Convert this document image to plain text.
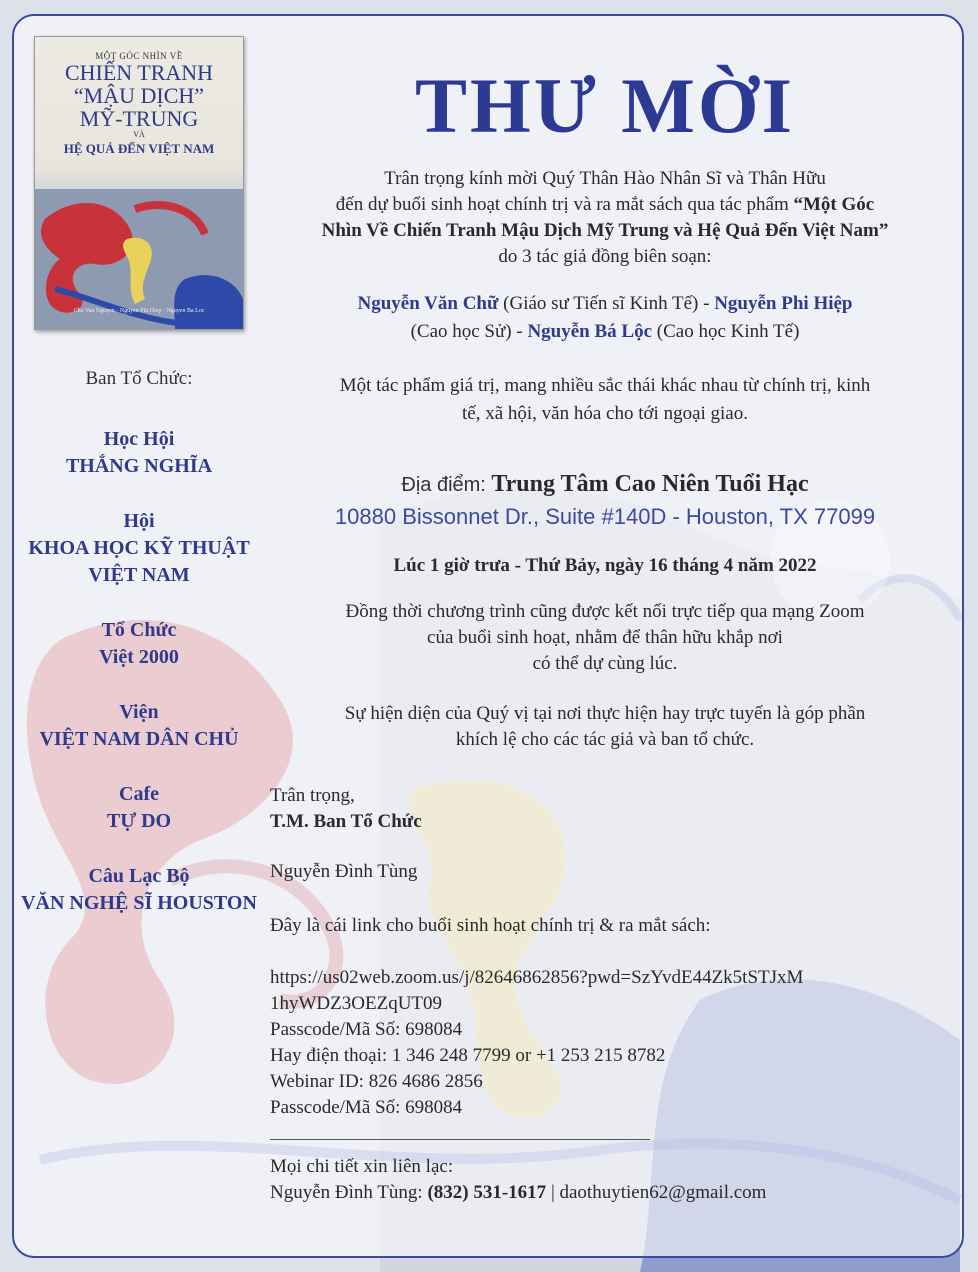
MỘT GÓC NHÌN VỀ
CHIẾN TRANH
“MẬU DỊCH”
MỸ-TRUNG
VÀ
HỆ QUẢ ĐẾN VIỆT NAM
Chu Van Nguyen · Nguyen Phi Hiep · Nguyen Ba Loc
Ban Tổ Chức:
Học Hội
THẮNG NGHĨA
Hội
KHOA HỌC KỸ THUẬT
VIỆT NAM
Tổ Chức
Việt 2000
Viện
VIỆT NAM DÂN CHỦ
Cafe
TỰ DO
Câu Lạc Bộ
VĂN NGHỆ SĨ HOUSTON
THƯ MỜI
Trân trọng kính mời Quý Thân Hào Nhân Sĩ và Thân Hữu
đến dự buổi sinh hoạt chính trị và ra mắt sách qua tác phẩm “Một Góc
Nhìn Về Chiến Tranh Mậu Dịch Mỹ Trung và Hệ Quả Đến Việt Nam”
do 3 tác giả đồng biên soạn:
Nguyễn Văn Chữ (Giáo sư Tiến sĩ Kinh Tế) - Nguyễn Phi Hiệp
(Cao học Sử) - Nguyễn Bá Lộc (Cao học Kinh Tế)
Một tác phẩm giá trị, mang nhiều sắc thái khác nhau từ chính trị, kinh
tế, xã hội, văn hóa cho tới ngoại giao.
Địa điểm: Trung Tâm Cao Niên Tuổi Hạc
10880 Bissonnet Dr., Suite #140D - Houston, TX 77099
Lúc 1 giờ trưa - Thứ Bảy, ngày 16 tháng 4 năm 2022
Đồng thời chương trình cũng được kết nối trực tiếp qua mạng Zoom
của buổi sinh hoạt, nhằm để thân hữu khắp nơi
có thể dự cùng lúc.
Sự hiện diện của Quý vị tại nơi thực hiện hay trực tuyến là góp phần
khích lệ cho các tác giả và ban tổ chức.
Trân trọng,
T.M. Ban Tổ Chức
Nguyễn Đình Tùng
Đây là cái link cho buổi sinh hoạt chính trị & ra mắt sách:
https://us02web.zoom.us/j/82646862856?pwd=SzYvdE44Zk5tSTJxM
1hyWDZ3OEZqUT09
Passcode/Mã Số: 698084
Hay điện thoại: 1 346 248 7799 or +1 253 215 8782
Webinar ID: 826 4686 2856
Passcode/Mã Số: 698084
Mọi chi tiết xin liên lạc:
Nguyễn Đình Tùng: (832) 531-1617 | daothuytien62@gmail.com
